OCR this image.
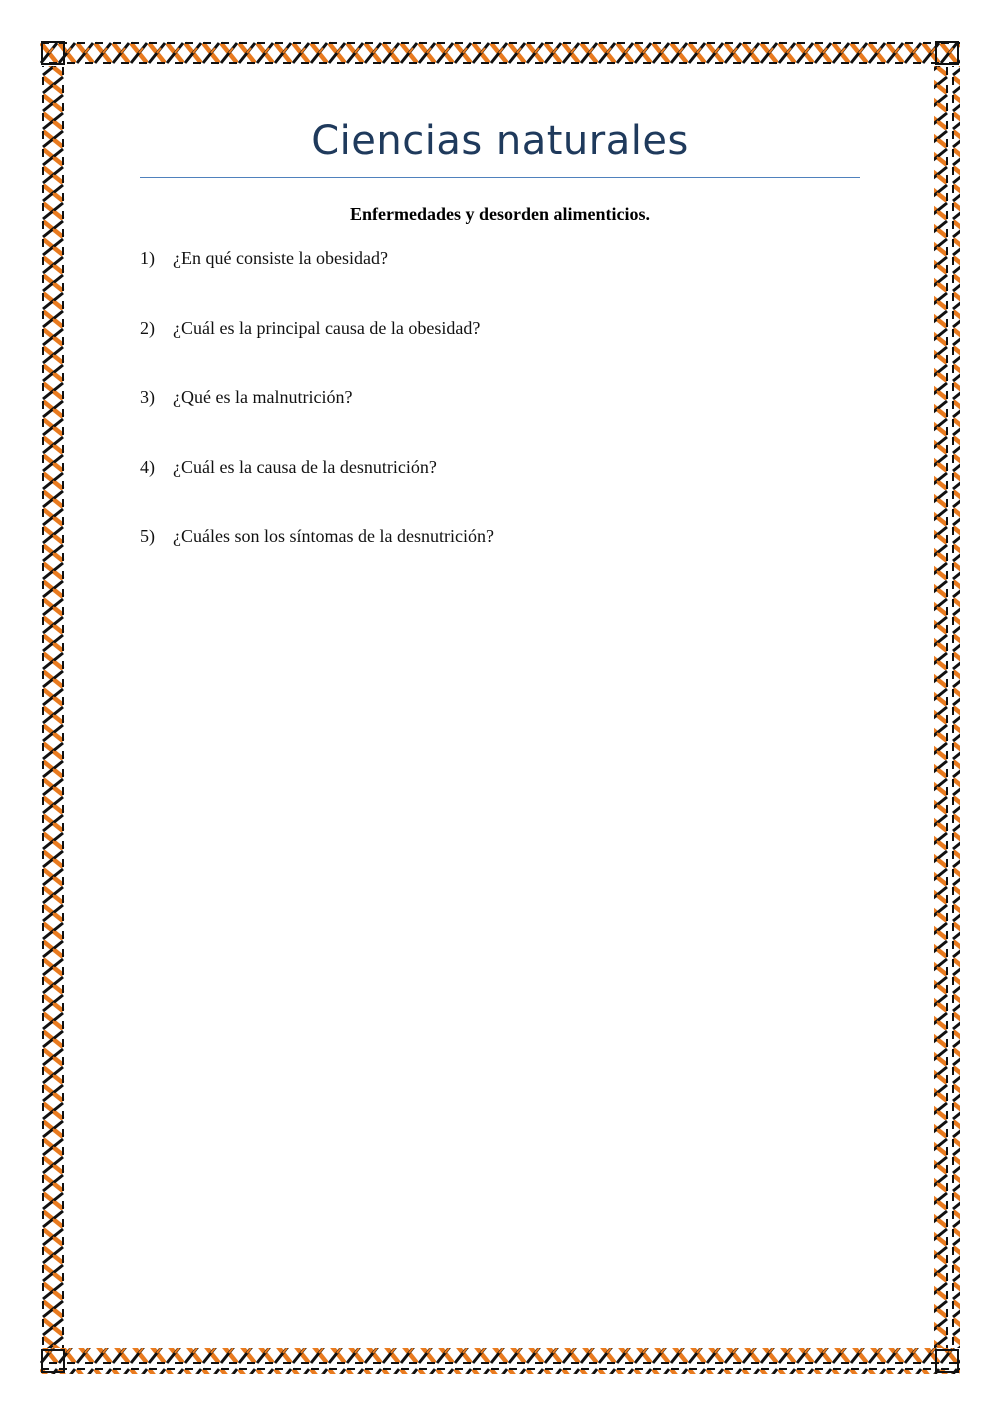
Ciencias naturales
Enfermedades y desorden alimenticios.
1) ¿En qué consiste la obesidad?
2) ¿Cuál es la principal causa de la obesidad?
3) ¿Qué es la malnutrición?
4) ¿Cuál es la causa de la desnutrición?
5) ¿Cuáles son los síntomas de la desnutrición?
